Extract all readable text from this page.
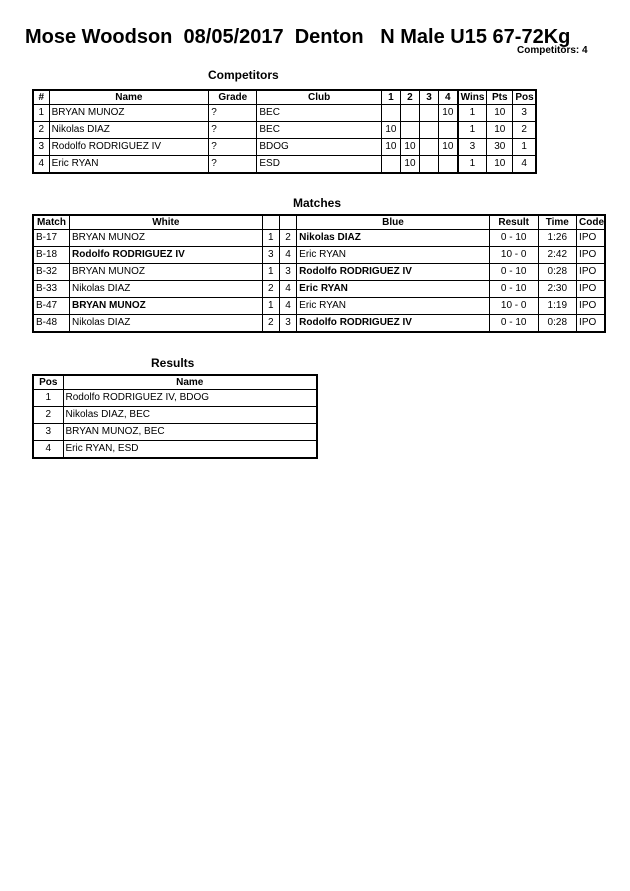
Mose Woodson  08/05/2017  Denton   N Male U15 67-72Kg
Competitors: 4
Competitors
#	Name	Grade	Club	1	2	3	4	Wins	Pts	Pos
1	BRYAN MUNOZ	?	BEC				10	1	10	3
2	Nikolas DIAZ	?	BEC	10				1	10	2
3	Rodolfo RODRIGUEZ IV	?	BDOG	10	10		10	3	30	1
4	Eric RYAN	?	ESD		10			1	10	4
Matches
Match	White			Blue	Result	Time	Code
B-17	BRYAN MUNOZ	1	2	Nikolas DIAZ	0 - 10	1:26	IPO
B-18	Rodolfo RODRIGUEZ IV	3	4	Eric RYAN	10 - 0	2:42	IPO
B-32	BRYAN MUNOZ	1	3	Rodolfo RODRIGUEZ IV	0 - 10	0:28	IPO
B-33	Nikolas DIAZ	2	4	Eric RYAN	0 - 10	2:30	IPO
B-47	BRYAN MUNOZ	1	4	Eric RYAN	10 - 0	1:19	IPO
B-48	Nikolas DIAZ	2	3	Rodolfo RODRIGUEZ IV	0 - 10	0:28	IPO
Results
Pos	Name
1	Rodolfo RODRIGUEZ IV, BDOG
2	Nikolas DIAZ, BEC
3	BRYAN MUNOZ, BEC
4	Eric RYAN, ESD
